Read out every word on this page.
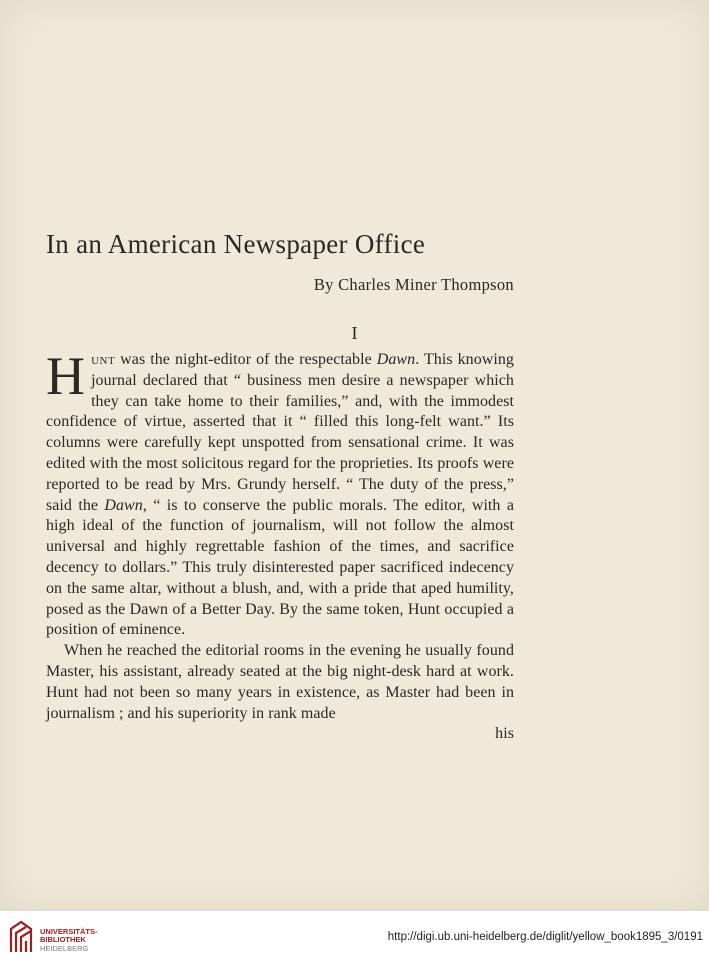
In an American Newspaper Office
By Charles Miner Thompson
I

Hunt was the night-editor of the respectable Dawn. This knowing journal declared that “ business men desire a newspaper which they can take home to their families,” and, with the immodest confidence of virtue, asserted that it “ filled this long-felt want.” Its columns were carefully kept unspotted from sensational crime. It was edited with the most solicitous regard for the proprieties. Its proofs were reported to be read by Mrs. Grundy herself. “ The duty of the press,” said the Dawn, “ is to conserve the public morals. The editor, with a high ideal of the function of journalism, will not follow the almost universal and highly regrettable fashion of the times, and sacrifice decency to dollars.” This truly disinterested paper sacrificed indecency on the same altar, without a blush, and, with a pride that aped humility, posed as the Dawn of a Better Day. By the same token, Hunt occupied a position of eminence.

When he reached the editorial rooms in the evening he usually found Master, his assistant, already seated at the big night-desk hard at work. Hunt had not been so many years in existence, as Master had been in journalism ; and his superiority in rank made

his
UNIVERSITÄTS-
BIBLIOTHEK
HEIDELBERG
http://digi.ub.uni-heidelberg.de/diglit/yellow_book1895_3/0191
